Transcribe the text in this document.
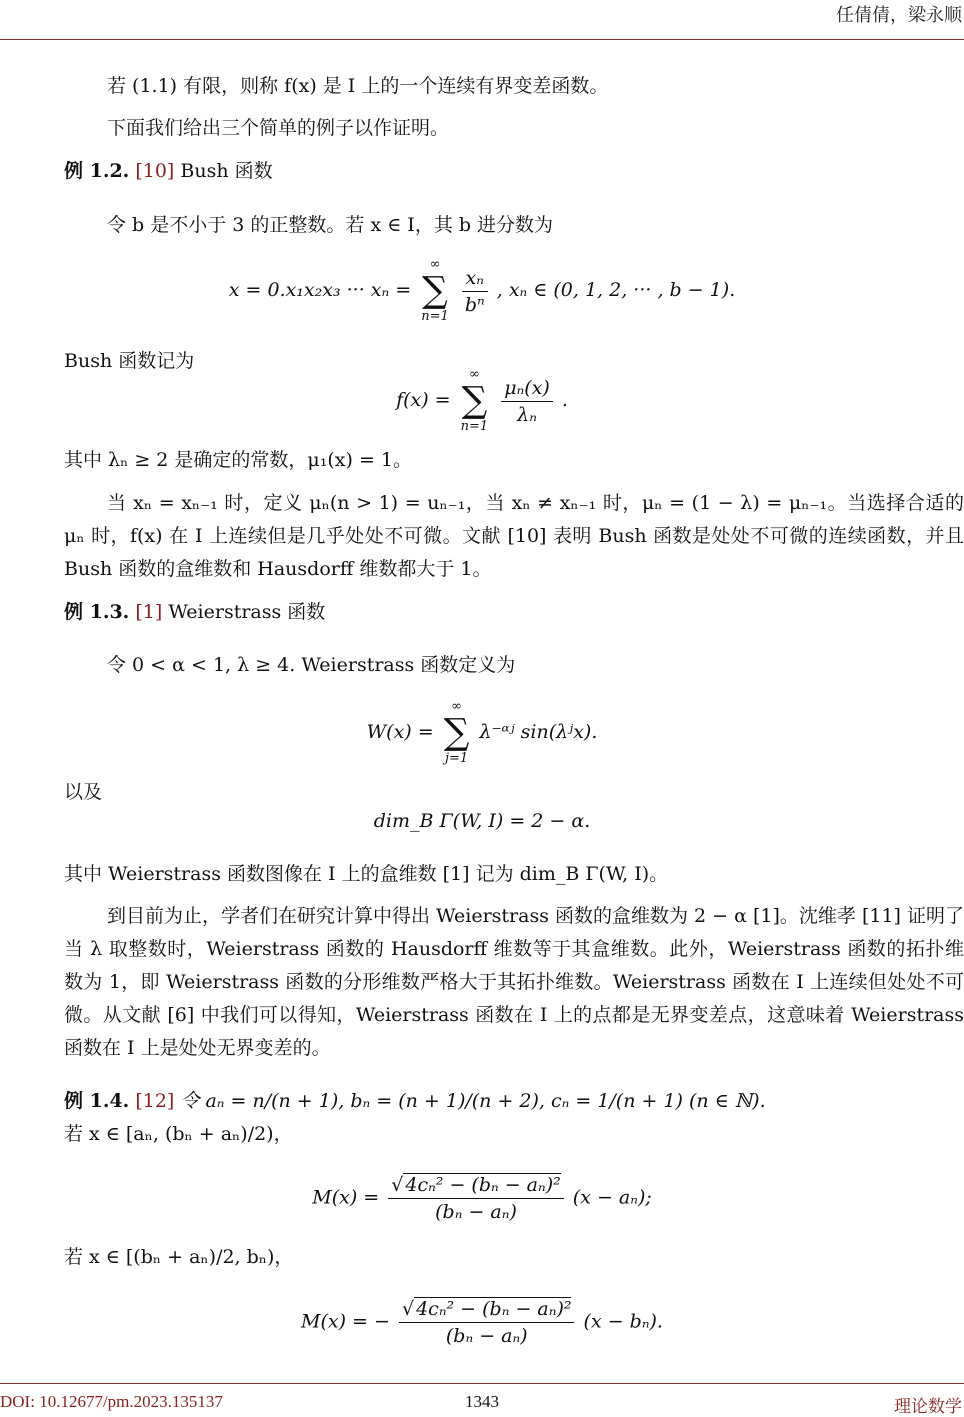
任倩倩，梁永顺
若 (1.1) 有限，则称 f(x) 是 I 上的一个连续有界变差函数。
下面我们给出三个简单的例子以作证明。
例 1.2. [10] Bush 函数
令 b 是不小于 3 的正整数。若 x ∈ I，其 b 进分数为
x = 0.x₁x₂x₃ ··· xₙ =
∞
∑
n=1
$\frac{\text{xₙ}}{\text{bⁿ}}$ , xₙ ∈ (0, 1, 2, ··· , b − 1).
Bush 函数记为
f(x) =
∞
∑
n=1
$\frac{\text{μₙ(x)}}{\text{λₙ}}$ .
其中 λₙ ≥ 2 是确定的常数，μ₁(x) = 1。
当 xₙ = xₙ₋₁ 时，定义 μₙ(n > 1) = uₙ₋₁，当 xₙ ≠ xₙ₋₁ 时，μₙ = (1 − λ) = μₙ₋₁。当选择合适的 μₙ 时，f(x) 在 I 上连续但是几乎处处不可微。文献 [10] 表明 Bush 函数是处处不可微的连续函数，并且 Bush 函数的盒维数和 Hausdorff 维数都大于 1。
例 1.3. [1] Weierstrass 函数
令 0 < α < 1, λ ≥ 4. Weierstrass 函数定义为
W(x) =
∞
∑
j=1
λ⁻ᵅʲ sin(λʲx).
以及
dim_B Γ(W, I) = 2 − α.
其中 Weierstrass 函数图像在 I 上的盒维数 [1] 记为 dim_B Γ(W, I)。
到目前为止，学者们在研究计算中得出 Weierstrass 函数的盒维数为 2 − α [1]。沈维孝 [11] 证明了当 λ 取整数时，Weierstrass 函数的 Hausdorff 维数等于其盒维数。此外，Weierstrass 函数的拓扑维数为 1，即 Weierstrass 函数的分形维数严格大于其拓扑维数。Weierstrass 函数在 I 上连续但处处不可微。从文献 [6] 中我们可以得知，Weierstrass 函数在 I 上的点都是无界变差点，这意味着 Weierstrass 函数在 I 上是处处无界变差的。
例 1.4. [12] 令 aₙ = n/(n + 1), bₙ = (n + 1)/(n + 2), cₙ = 1/(n + 1) (n ∈ ℕ).
若 x ∈ [aₙ, (bₙ + aₙ)/2)，
$M(x) = \frac{\text{√ 4cₙ² − (bₙ − aₙ)²}}{\text{(bₙ − aₙ)}} (x - a_n)$;
若 x ∈ [(bₙ + aₙ)/2, bₙ)，
M(x) = − $\frac{\text{√ 4cₙ² − (bₙ − aₙ)²}}{\text{(bₙ − aₙ)}} (x - b_n)$.
DOI: 10.12677/pm.2023.135137	1343	理论数学
